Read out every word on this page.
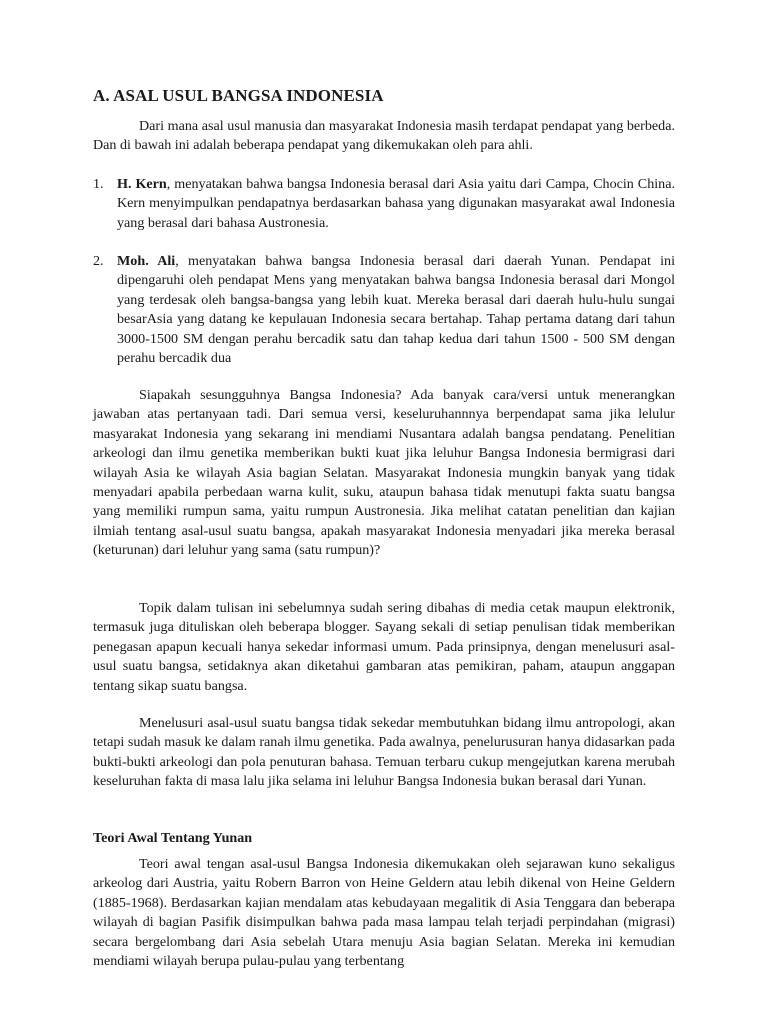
A. ASAL USUL BANGSA INDONESIA

Dari mana asal usul manusia dan masyarakat Indonesia masih terdapat pendapat yang berbeda. Dan di bawah ini adalah beberapa pendapat yang dikemukakan oleh para ahli.

1. H. Kern, menyatakan bahwa bangsa Indonesia berasal dari Asia yaitu dari Campa, Chocin China. Kern menyimpulkan pendapatnya berdasarkan bahasa yang digunakan masyarakat awal Indonesia yang berasal dari bahasa Austronesia.
2. Moh. Ali, menyatakan bahwa bangsa Indonesia berasal dari daerah Yunan. Pendapat ini dipengaruhi oleh pendapat Mens yang menyatakan bahwa bangsa Indonesia berasal dari Mongol yang terdesak oleh bangsa-bangsa yang lebih kuat. Mereka berasal dari daerah hulu-hulu sungai besarAsia yang datang ke kepulauan Indonesia secara bertahap. Tahap pertama datang dari tahun 3000-1500 SM dengan perahu bercadik satu dan tahap kedua dari tahun 1500 - 500 SM dengan perahu bercadik dua

Siapakah sesungguhnya Bangsa Indonesia? Ada banyak cara/versi untuk menerangkan jawaban atas pertanyaan tadi. Dari semua versi, keseluruhannnya berpendapat sama jika lelulur masyarakat Indonesia yang sekarang ini mendiami Nusantara adalah bangsa pendatang. Penelitian arkeologi dan ilmu genetika memberikan bukti kuat jika leluhur Bangsa Indonesia bermigrasi dari wilayah Asia ke wilayah Asia bagian Selatan. Masyarakat Indonesia mungkin banyak yang tidak menyadari apabila perbedaan warna kulit, suku, ataupun bahasa tidak menutupi fakta suatu bangsa yang memiliki rumpun sama, yaitu rumpun Austronesia. Jika melihat catatan penelitian dan kajian ilmiah tentang asal-usul suatu bangsa, apakah masyarakat Indonesia menyadari jika mereka berasal (keturunan) dari leluhur yang sama (satu rumpun)?

Topik dalam tulisan ini sebelumnya sudah sering dibahas di media cetak maupun elektronik, termasuk juga dituliskan oleh beberapa blogger. Sayang sekali di setiap penulisan tidak memberikan penegasan apapun kecuali hanya sekedar informasi umum. Pada prinsipnya, dengan menelusuri asal-usul suatu bangsa, setidaknya akan diketahui gambaran atas pemikiran, paham, ataupun anggapan tentang sikap suatu bangsa.

Menelusuri asal-usul suatu bangsa tidak sekedar membutuhkan bidang ilmu antropologi, akan tetapi sudah masuk ke dalam ranah ilmu genetika. Pada awalnya, penelurusuran hanya didasarkan pada bukti-bukti arkeologi dan pola penuturan bahasa. Temuan terbaru cukup mengejutkan karena merubah keseluruhan fakta di masa lalu jika selama ini leluhur Bangsa Indonesia bukan berasal dari Yunan.

Teori Awal Tentang Yunan

Teori awal tengan asal-usul Bangsa Indonesia dikemukakan oleh sejarawan kuno sekaligus arkeolog dari Austria, yaitu Robern Barron von Heine Geldern atau lebih dikenal von Heine Geldern (1885-1968). Berdasarkan kajian mendalam atas kebudayaan megalitik di Asia Tenggara dan beberapa wilayah di bagian Pasifik disimpulkan bahwa pada masa lampau telah terjadi perpindahan (migrasi) secara bergelombang dari Asia sebelah Utara menuju Asia bagian Selatan. Mereka ini kemudian mendiami wilayah berupa pulau-pulau yang terbentang
